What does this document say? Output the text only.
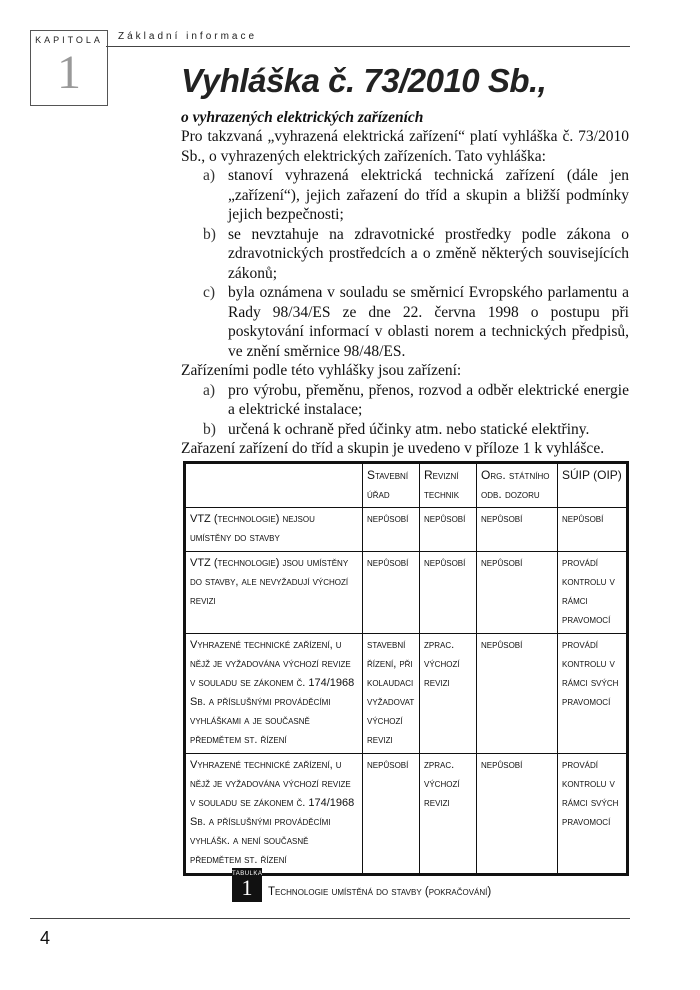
KAPITOLA
1
Základní informace
Vyhláška č. 73/2010 Sb.,
o vyhrazených elektrických zařízeních

Pro takzvaná „vyhrazená elektrická zařízení“ platí vyhláška č. 73/2010 Sb., o vyhrazených elektrických zařízeních. Tato vyhláška:

a) stanoví vyhrazená elektrická technická zařízení (dále jen „zařízení“), jejich zařazení do tříd a skupin a bližší podmínky jejich bezpečnosti;
b) se nevztahuje na zdravotnické prostředky podle zákona o zdravotnických prostředcích a o změně některých souvisejících zákonů;
c) byla oznámena v souladu se směrnicí Evropského parlamentu a Rady 98/34/ES ze dne 22. června 1998 o postupu při poskytování informací v oblasti norem a technických předpisů, ve znění směrnice 98/48/ES.

Zařízeními podle této vyhlášky jsou zařízení:

a) pro výrobu, přeměnu, přenos, rozvod a odběr elektrické energie a elektrické instalace;
b) určená k ochraně před účinky atm. nebo statické elektřiny.

Zařazení zařízení do tříd a skupin je uvedeno v příloze 1 k vyhlášce.

	Stavební úřad	Revizní technik	Org. státního odb. dozoru	SÚIP (OIP)
VTZ (technologie) nejsou umístěny do stavby	nepůsobí	nepůsobí	nepůsobí	nepůsobí
VTZ (technologie) jsou umístěny do stavby, ale nevyžadují výchozí revizi	nepůsobí	nepůsobí	nepůsobí	provádí kontrolu v rámci pravomocí
Vyhrazené technické zařízení, u nějž je vyžadována výchozí revize v souladu se zákonem č. 174/1968 Sb. a příslušnými prováděcími vyhláškami a je současně předmětem st. řízení	stavební řízení, při kolaudaci vyžadovat výchozí revizi	zprac. výchozí revizi	nepůsobí	provádí kontrolu v rámci svých pravomocí
Vyhrazené technické zařízení, u nějž je vyžadována výchozí revize v souladu se zákonem č. 174/1968 Sb. a příslušnými prováděcími vyhlášk. a není současně předmětem st. řízení	nepůsobí	zprac. výchozí revizi	nepůsobí	provádí kontrolu v rámci svých pravomocí
TABULKA
1	Technologie umístěná do stavby (pokračování)
4
